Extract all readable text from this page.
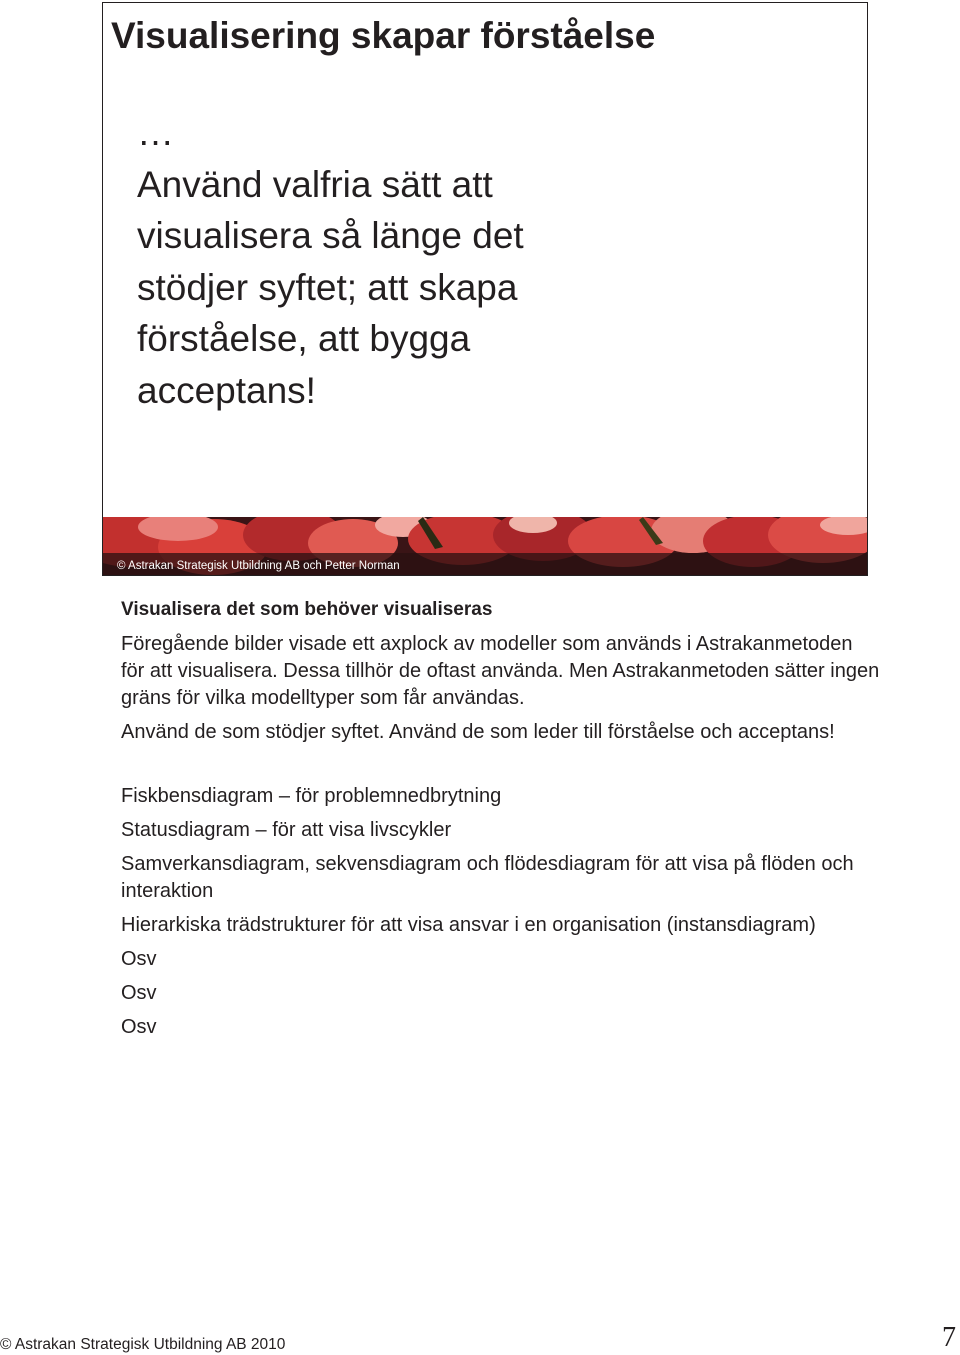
Visualisering skapar förståelse

…

Använd valfria sätt att

visualisera så länge det

stödjer syftet; att skapa

förståelse, att bygga

acceptans!

© Astrakan Strategisk Utbildning AB och Petter Norman

Visualisera det som behöver visualiseras

Föregående bilder visade ett axplock av modeller som används i Astrakanmetoden för att visualisera. Dessa tillhör de oftast använda. Men Astrakanmetoden sätter ingen gräns för vilka modelltyper som får användas.

Använd de som stödjer syftet. Använd de som leder till förståelse och acceptans!

Fiskbensdiagram – för problemnedbrytning

Statusdiagram – för att visa livscykler

Samverkansdiagram, sekvensdiagram och flödesdiagram för att visa på flöden och interaktion

Hierarkiska trädstrukturer för att visa ansvar i en organisation (instansdiagram)

Osv

Osv

Osv

© Astrakan Strategisk Utbildning AB 2010	7
